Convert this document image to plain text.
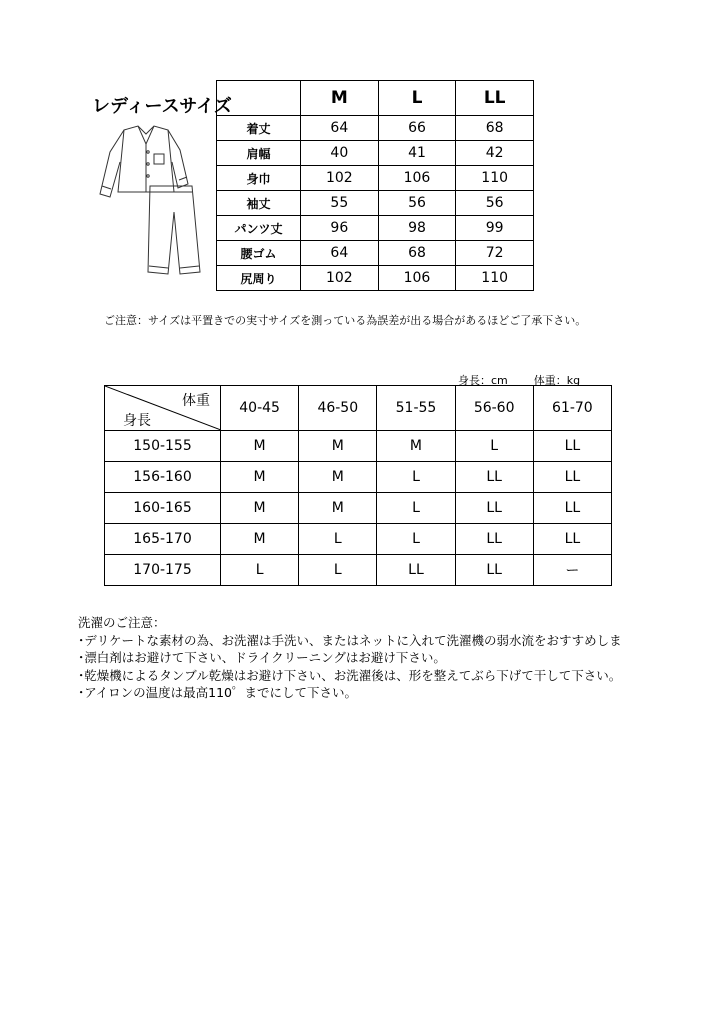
レディースサイズ
		M	L	LL
着丈	64	66	68
肩幅	40	41	42
身巾	102	106	110
袖丈	55	56	56
パンツ丈	96	98	99
腰ゴム	64	68	72
尻周り	102	106	110
ご注意：サイズは平置きでの実寸サイズを測っている為誤差が出る場合があるほどご了承下さい。
身長：cm 体重：kg
体重
身長	40-45	46-50	51-55	56-60	61-70
150-155	M	M	M	L	LL
156-160	M	M	L	LL	LL
160-165	M	M	L	LL	LL
165-170	M	L	L	LL	LL
170-175	L	L	LL	LL	ー
洗濯のご注意：
･デリケートな素材の為、お洗濯は手洗い、またはネットに入れて洗濯機の弱水流をおすすめしま
･漂白剤はお避けて下さい、ドライクリーニングはお避け下さい。
･乾燥機によるタンブル乾燥はお避け下さい、お洗濯後は、形を整えてぶら下げて干して下さい。
･アイロンの温度は最高110゜までにして下さい。
